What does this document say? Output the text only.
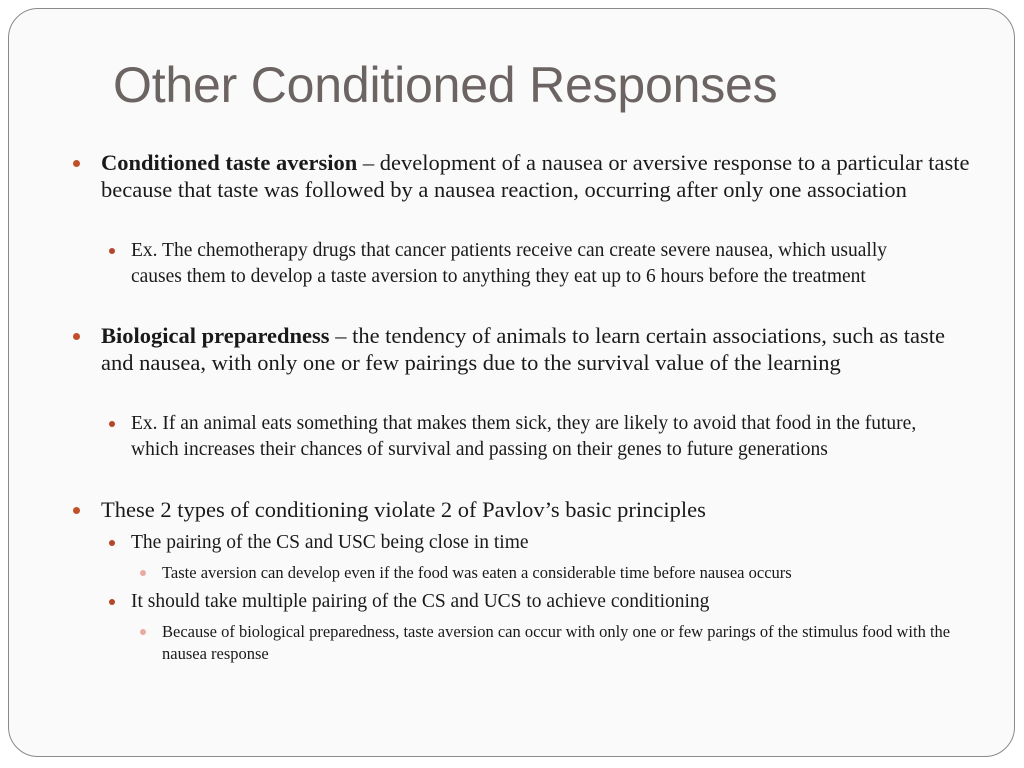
Other Conditioned Responses
Conditioned taste aversion – development of a nausea or aversive response to a particular taste because that taste was followed by a nausea reaction, occurring after only one association
Ex. The chemotherapy drugs that cancer patients receive can create severe nausea, which usually causes them to develop a taste aversion to anything they eat up to 6 hours before the treatment
Biological preparedness – the tendency of animals to learn certain associations, such as taste and nausea, with only one or few pairings due to the survival value of the learning
Ex. If an animal eats something that makes them sick, they are likely to avoid that food in the future, which increases their chances of survival and passing on their genes to future generations
These 2 types of conditioning violate 2 of Pavlov’s basic principles
The pairing of the CS and USC being close in time
Taste aversion can develop even if the food was eaten a considerable time before nausea occurs
It should take multiple pairing of the CS and UCS to achieve conditioning
Because of biological preparedness, taste aversion can occur with only one or few parings of the stimulus food with the nausea response
